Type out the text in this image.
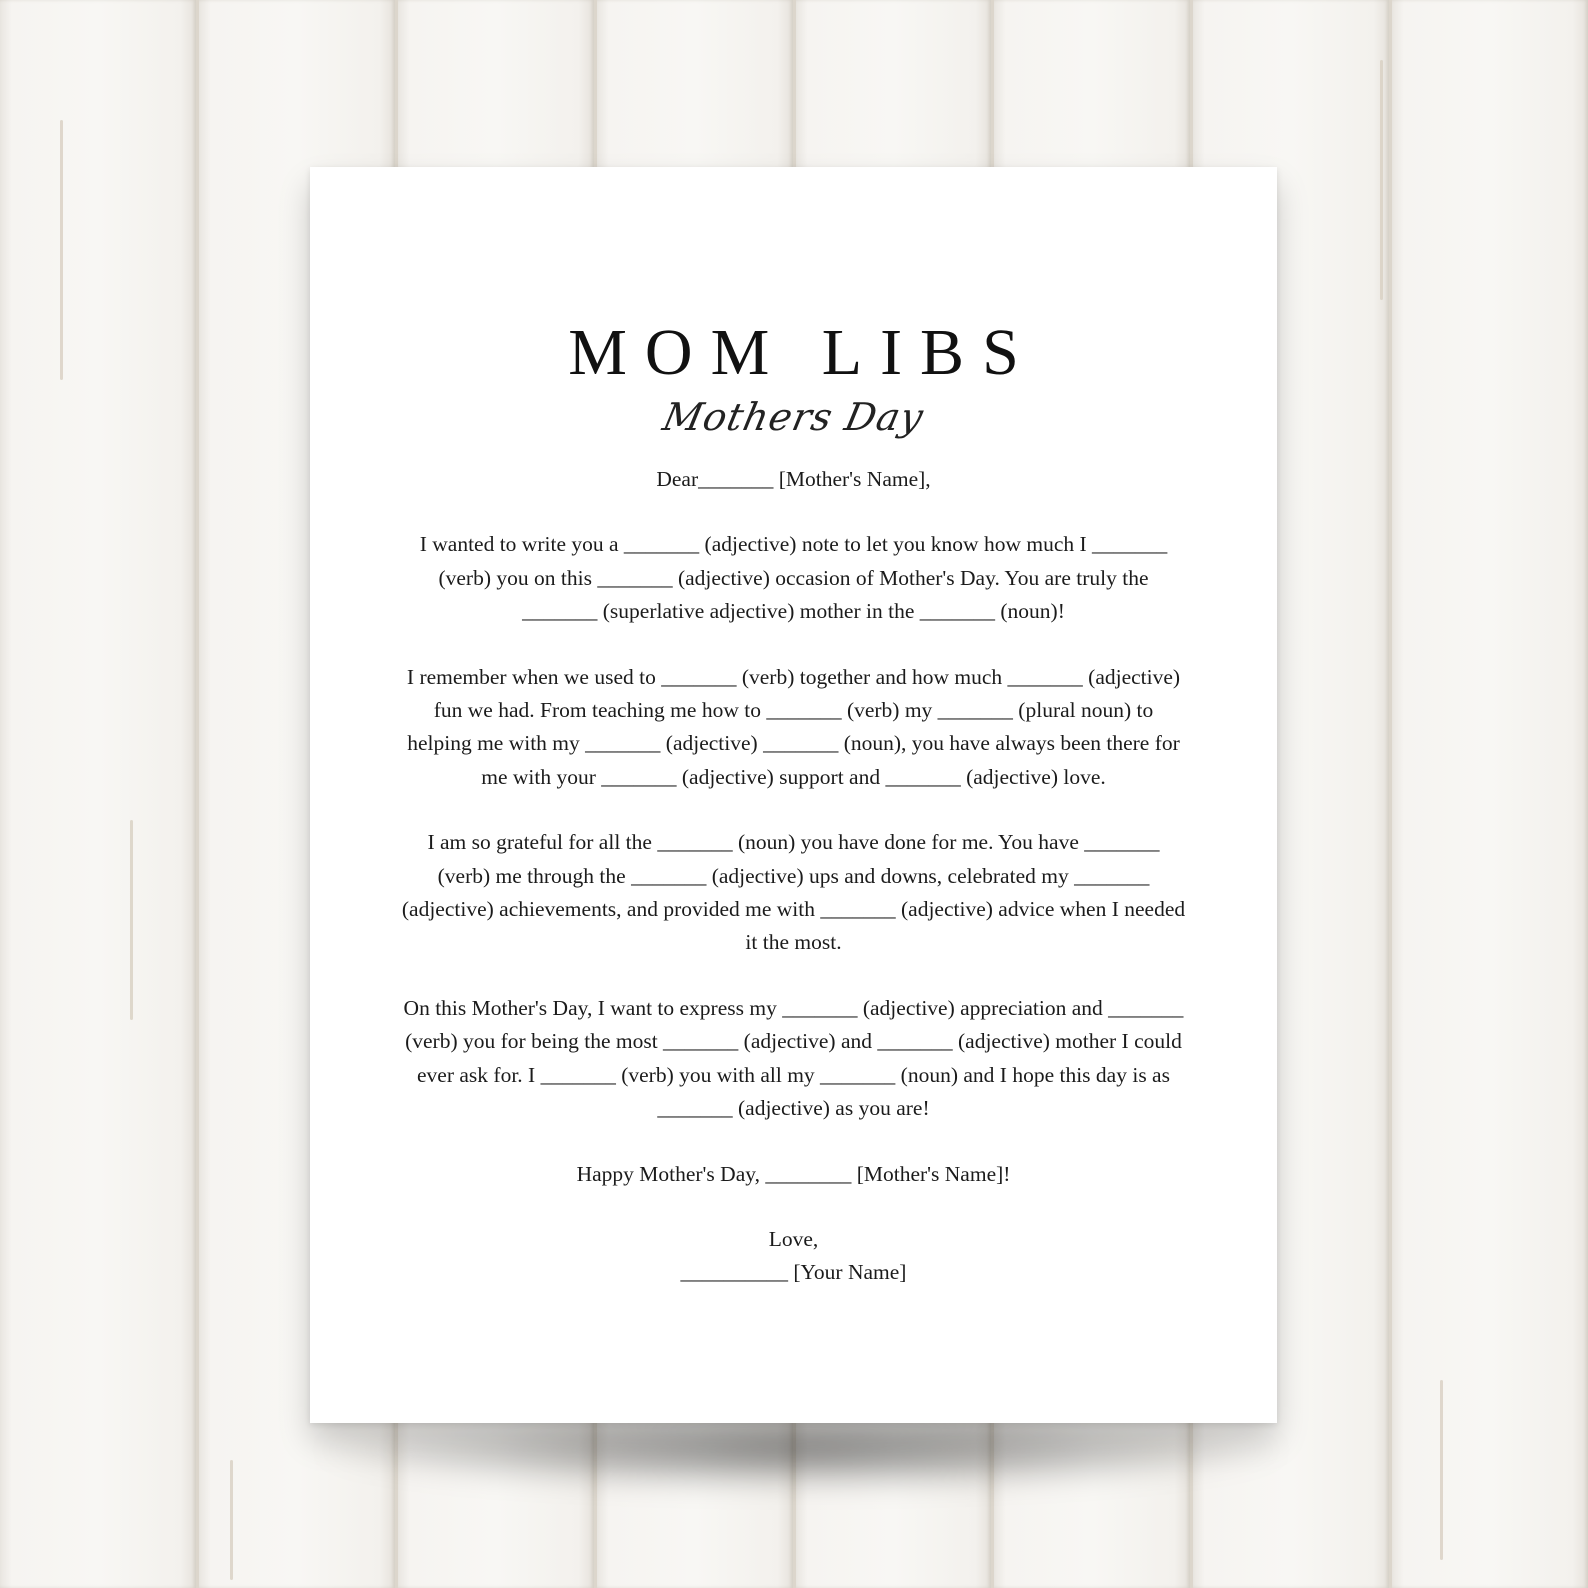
MOM LIBS
Mothers Day

Dear_______ [Mother's Name],

I wanted to write you a _______ (adjective) note to let you know how much I _______ (verb) you on this _______ (adjective) occasion of Mother's Day. You are truly the _______ (superlative adjective) mother in the _______ (noun)!

I remember when we used to _______ (verb) together and how much _______ (adjective) fun we had. From teaching me how to _______ (verb) my _______ (plural noun) to helping me with my _______ (adjective) _______ (noun), you have always been there for me with your _______ (adjective) support and _______ (adjective) love.

I am so grateful for all the _______ (noun) you have done for me. You have _______ (verb) me through the _______ (adjective) ups and downs, celebrated my _______ (adjective) achievements, and provided me with _______ (adjective) advice when I needed it the most.

On this Mother's Day, I want to express my _______ (adjective) appreciation and _______ (verb) you for being the most _______ (adjective) and _______ (adjective) mother I could ever ask for. I _______ (verb) you with all my _______ (noun) and I hope this day is as _______ (adjective) as you are!

Happy Mother's Day, ________ [Mother's Name]!

Love,

__________ [Your Name]
